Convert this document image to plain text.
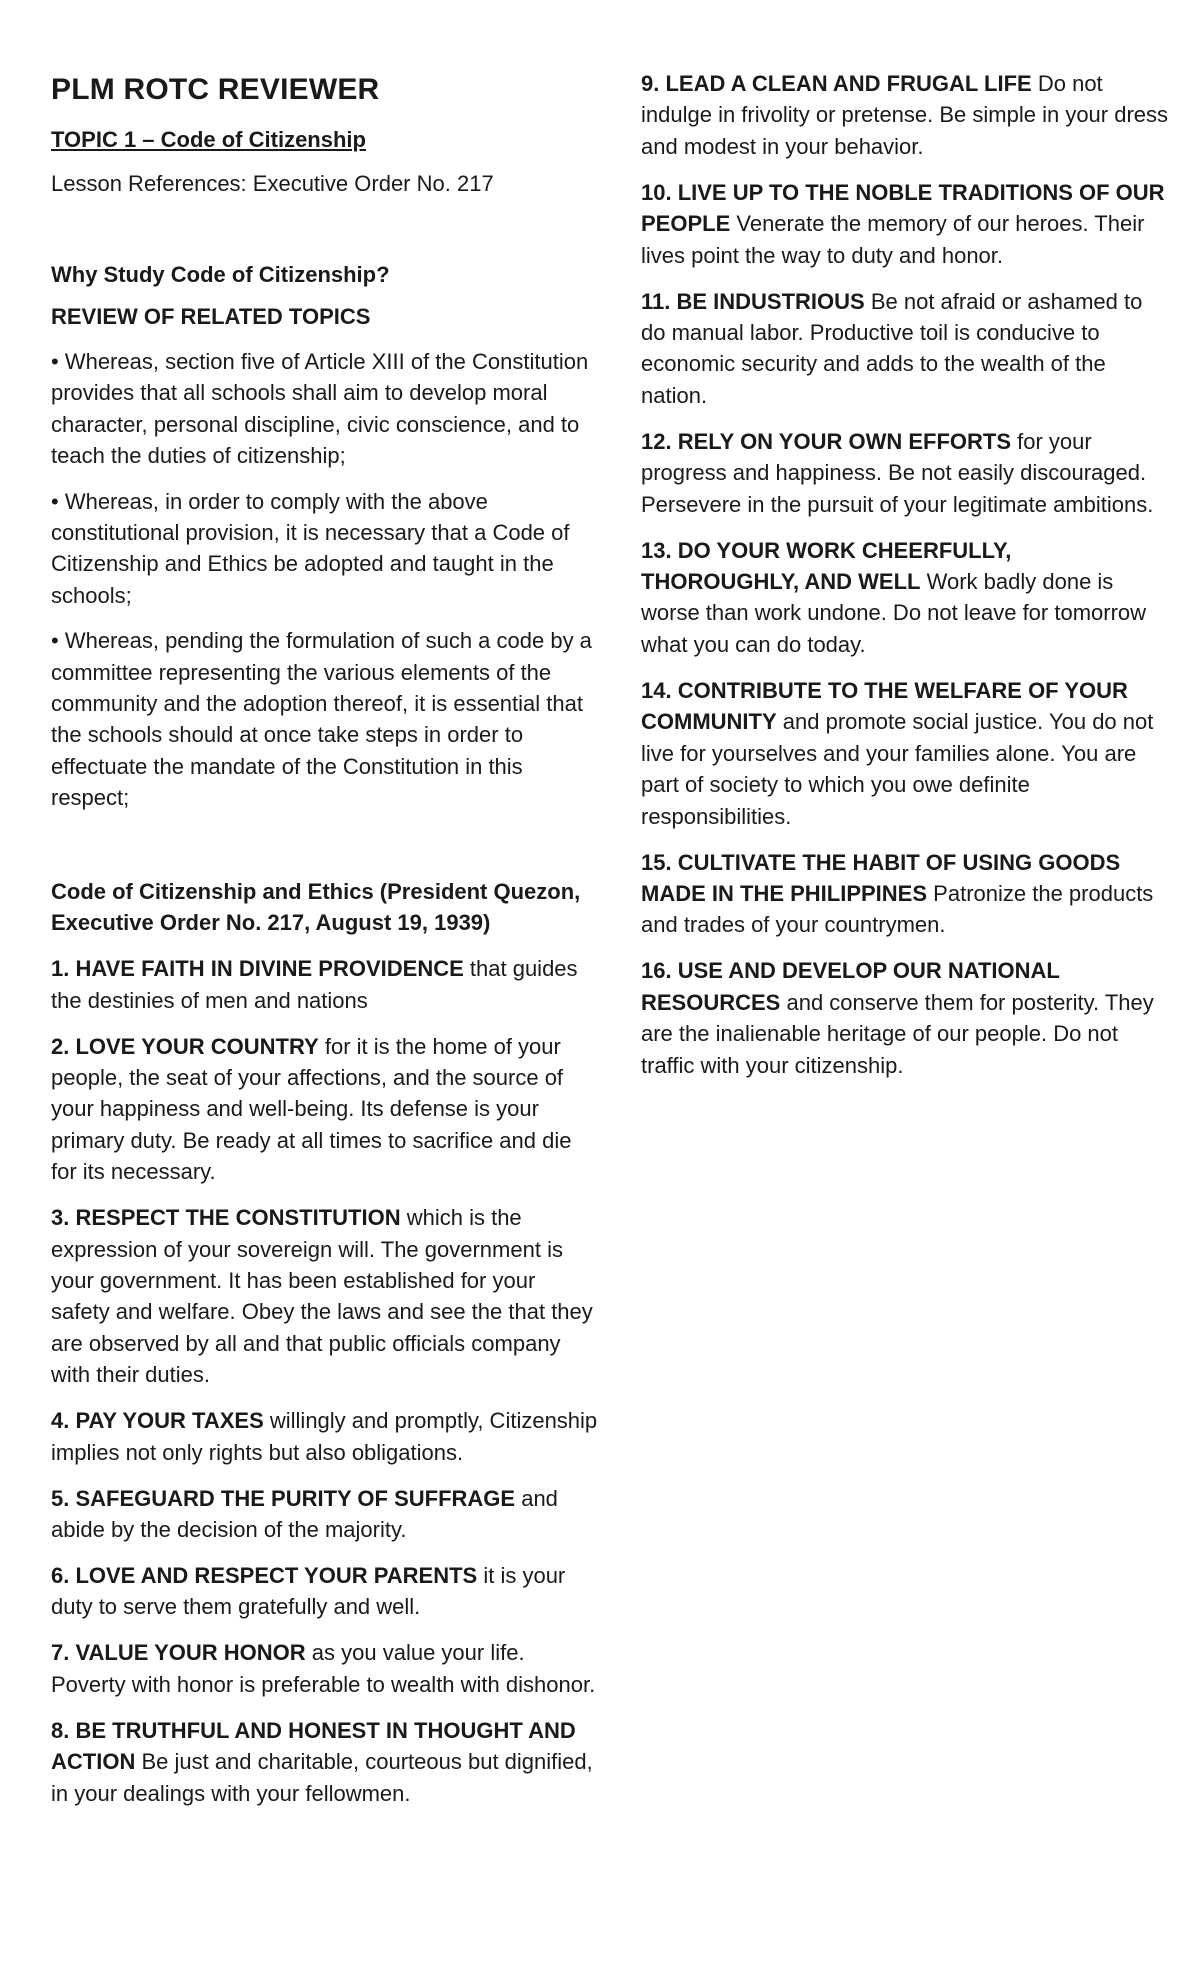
PLM ROTC REVIEWER

TOPIC 1 – Code of Citizenship

Lesson References: Executive Order No. 217

Why Study Code of Citizenship?

REVIEW OF RELATED TOPICS

• Whereas, section five of Article XIII of the Constitution provides that all schools shall aim to develop moral character, personal discipline, civic conscience, and to teach the duties of citizenship;

• Whereas, in order to comply with the above constitutional provision, it is necessary that a Code of Citizenship and Ethics be adopted and taught in the schools;

• Whereas, pending the formulation of such a code by a committee representing the various elements of the community and the adoption thereof, it is essential that the schools should at once take steps in order to effectuate the mandate of the Constitution in this respect;

Code of Citizenship and Ethics (President Quezon, Executive Order No. 217, August 19, 1939)

1. HAVE FAITH IN DIVINE PROVIDENCE that guides the destinies of men and nations

2. LOVE YOUR COUNTRY for it is the home of your people, the seat of your affections, and the source of your happiness and well-being. Its defense is your primary duty. Be ready at all times to sacrifice and die for its necessary.

3. RESPECT THE CONSTITUTION which is the expression of your sovereign will. The government is your government. It has been established for your safety and welfare. Obey the laws and see the that they are observed by all and that public officials company with their duties.

4. PAY YOUR TAXES willingly and promptly, Citizenship implies not only rights but also obligations.

5. SAFEGUARD THE PURITY OF SUFFRAGE and abide by the decision of the majority.

6. LOVE AND RESPECT YOUR PARENTS it is your duty to serve them gratefully and well.

7. VALUE YOUR HONOR as you value your life. Poverty with honor is preferable to wealth with dishonor.

8. BE TRUTHFUL AND HONEST IN THOUGHT AND ACTION Be just and charitable, courteous but dignified, in your dealings with your fellowmen.

9. LEAD A CLEAN AND FRUGAL LIFE Do not indulge in frivolity or pretense. Be simple in your dress and modest in your behavior.

10. LIVE UP TO THE NOBLE TRADITIONS OF OUR PEOPLE Venerate the memory of our heroes. Their lives point the way to duty and honor.

11. BE INDUSTRIOUS Be not afraid or ashamed to do manual labor. Productive toil is conducive to economic security and adds to the wealth of the nation.

12. RELY ON YOUR OWN EFFORTS for your progress and happiness. Be not easily discouraged. Persevere in the pursuit of your legitimate ambitions.

13. DO YOUR WORK CHEERFULLY, THOROUGHLY, AND WELL Work badly done is worse than work undone. Do not leave for tomorrow what you can do today.

14. CONTRIBUTE TO THE WELFARE OF YOUR COMMUNITY and promote social justice. You do not live for yourselves and your families alone. You are part of society to which you owe definite responsibilities.

15. CULTIVATE THE HABIT OF USING GOODS MADE IN THE PHILIPPINES Patronize the products and trades of your countrymen.

16. USE AND DEVELOP OUR NATIONAL RESOURCES and conserve them for posterity. They are the inalienable heritage of our people. Do not traffic with your citizenship.
